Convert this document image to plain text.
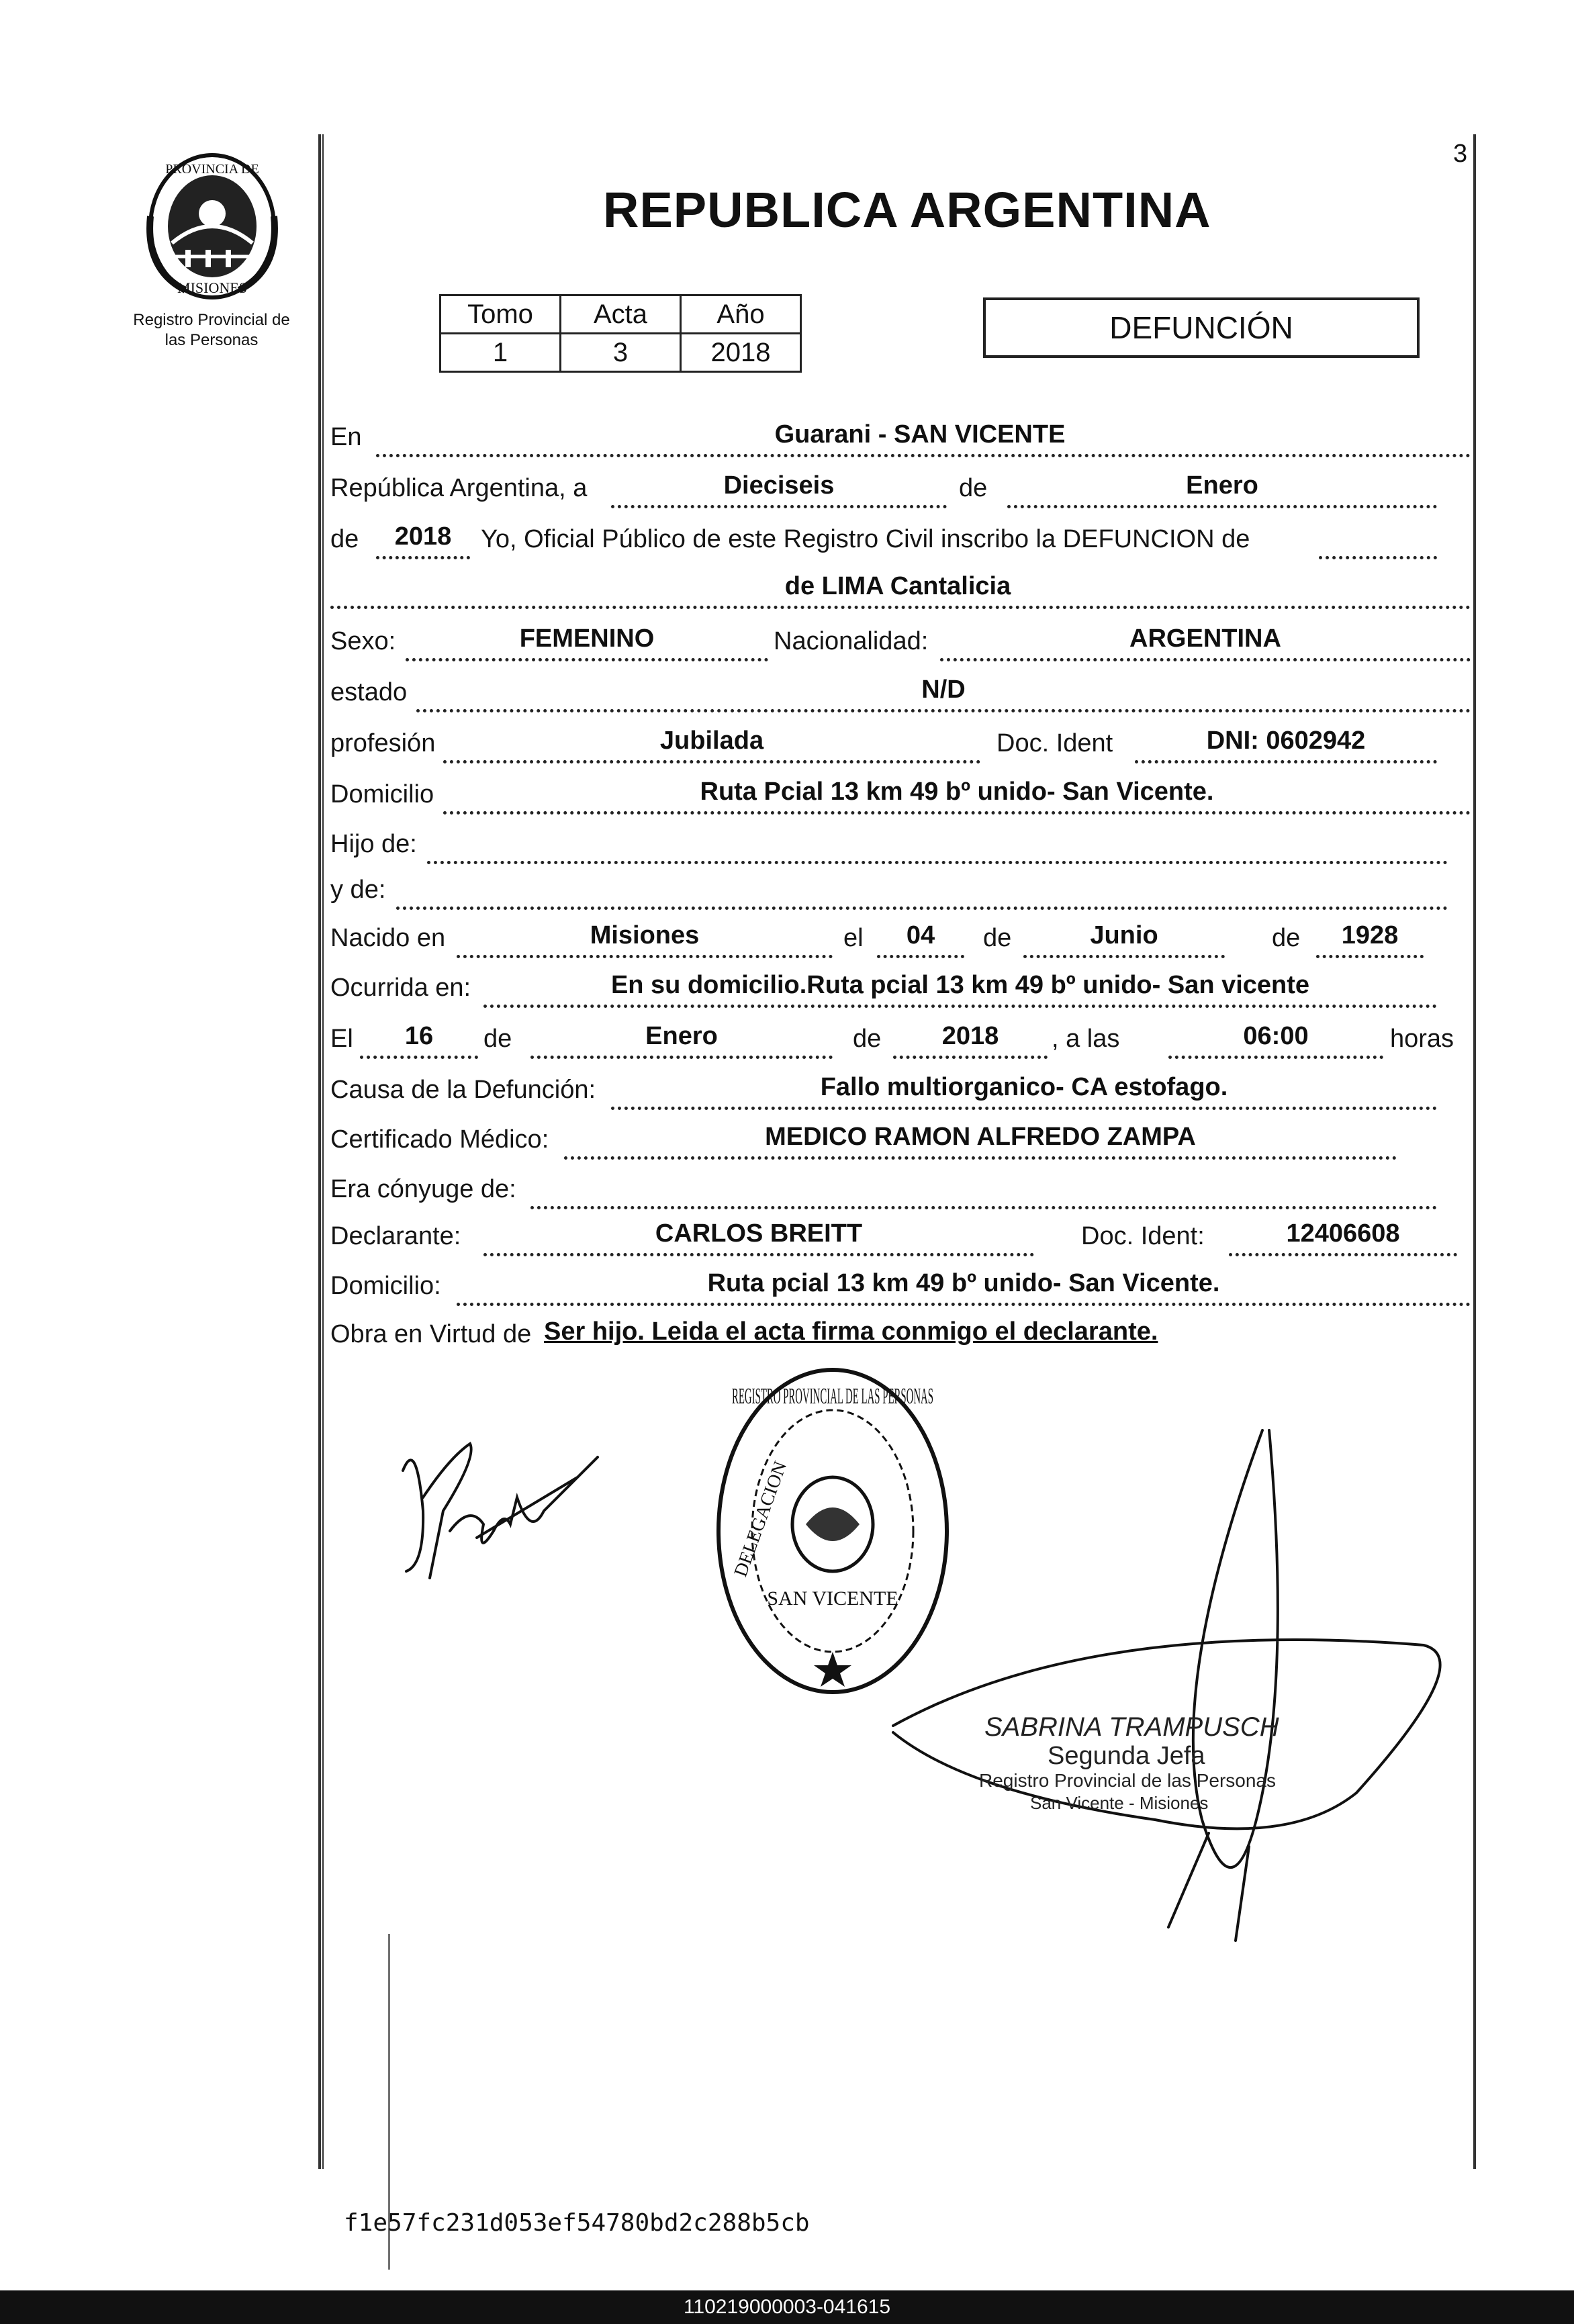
3
PROVINCIA DE
MISIONES
Registro Provincial de
las Personas
REPUBLICA ARGENTINA
Tomo	Acta	Año
1	3	2018
DEFUNCIÓN
En	Guarani - SAN VICENTE
República Argentina, a	Dieciseis	de	Enero
de	2018	Yo, Oficial Público de este Registro Civil inscribo la DEFUNCION de
de LIMA Cantalicia
Sexo:	FEMENINO	Nacionalidad:	ARGENTINA
estado	N/D
profesión	Jubilada	Doc. Ident	DNI: 0602942
Domicilio	Ruta Pcial 13 km 49 bº unido- San Vicente.
Hijo de:
y de:
Nacido en	Misiones	el	04	de	Junio	de	1928
Ocurrida en:	En su domicilio.Ruta pcial 13 km 49 bº unido- San vicente
El	16	de	Enero	de	2018	, a las	06:00	horas
Causa de la Defunción:	Fallo multiorganico- CA estofago.
Certificado Médico:	MEDICO RAMON ALFREDO ZAMPA
Era cónyuge de:
Declarante:	CARLOS BREITT	Doc. Ident:	12406608
Domicilio:	Ruta pcial 13 km 49 bº unido- San Vicente.
Obra en Virtud de Ser hijo. Leida el acta firma conmigo el declarante.
REGISTRO PROVINCIAL DE LAS PERSONAS
DELEGACION
SAN VICENTE
SABRINA TRAMPUSCH
Segunda Jefa
Registro Provincial de las Personas
San Vicente - Misiones
f1e57fc231d053ef54780bd2c288b5cb
110219000003-041615
